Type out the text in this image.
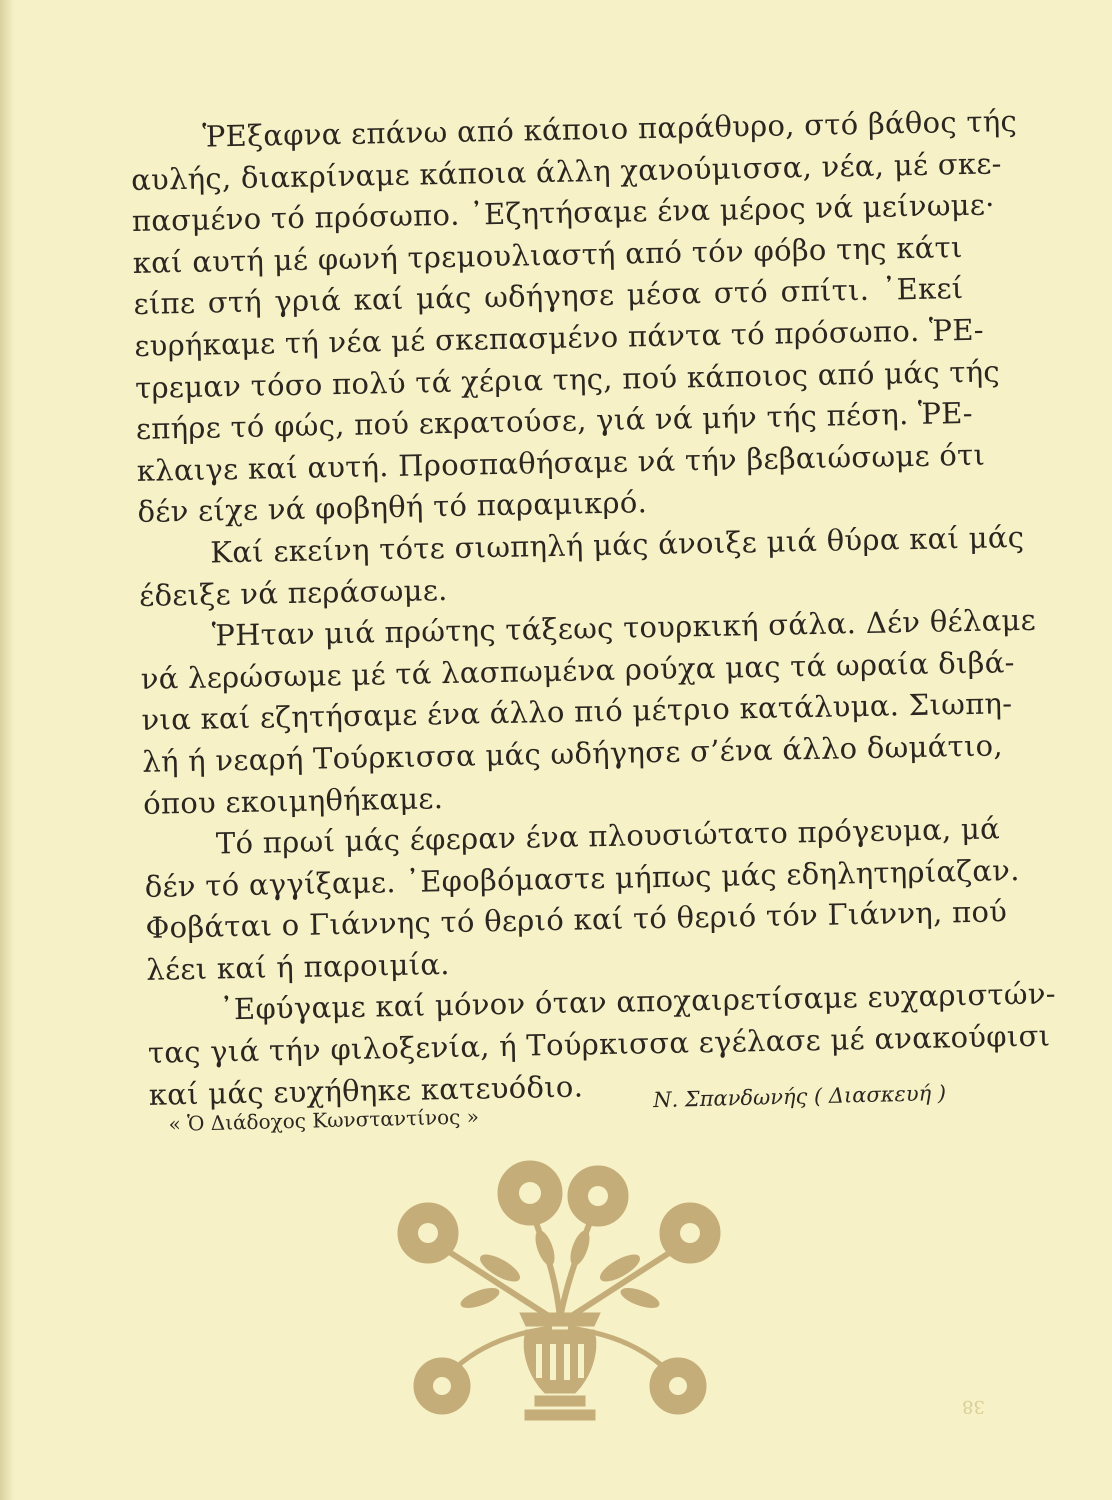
ῬΕξαφνα επάνω από κάποιο παράθυρο, στό βάθος τής
αυλής, διακρίναμε κάποια άλλη χανούμισσα, νέα, μέ σκε-
πασμένο τό πρόσωπο. ᾿Εζητήσαμε ένα μέρος νά μείνωμε·
καί αυτή μέ φωνή τρεμουλιαστή από τόν φόβο της κάτι
είπε στή γριά καί μάς ωδήγησε μέσα στό σπίτι. ᾿Εκεί
ευρήκαμε τή νέα μέ σκεπασμένο πάντα τό πρόσωπο. ῬΕ-
τρεμαν τόσο πολύ τά χέρια της, πού κάποιος από μάς τής
επήρε τό φώς, πού εκρατούσε, γιά νά μήν τής πέση. ῬΕ-
κλαιγε καί αυτή. Προσπαθήσαμε νά τήν βεβαιώσωμε ότι
δέν είχε νά φοβηθή τό παραμικρό.
Καί εκείνη τότε σιωπηλή μάς άνοιξε μιά θύρα καί μάς
έδειξε νά περάσωμε.
ῬΗταν μιά πρώτης τάξεως τουρκική σάλα. Δέν θέλαμε
νά λερώσωμε μέ τά λασπωμένα ρούχα μας τά ωραία διβά-
νια καί εζητήσαμε ένα άλλο πιό μέτριο κατάλυμα. Σιωπη-
λή ή νεαρή Τούρκισσα μάς ωδήγησε σ’ένα άλλο δωμάτιο,
όπου εκοιμηθήκαμε.
Τό πρωί μάς έφεραν ένα πλουσιώτατο πρόγευμα, μά
δέν τό αγγίξαμε. ᾿Εφοβόμαστε μήπως μάς εδηλητηρίαζαν.
Φοβάται ο Γιάννης τό θεριό καί τό θεριό τόν Γιάννη, πού
λέει καί ή παροιμία.
᾿Εφύγαμε καί μόνον όταν αποχαιρετίσαμε ευχαριστών-
τας γιά τήν φιλοξενία, ή Τούρκισσα εγέλασε μέ ανακούφισι
καί μάς ευχήθηκε κατευόδιο.
« Ὁ Διάδοχος Κωνσταντίνος »
Ν. Σπανδωνής ( Διασκευή )
38
